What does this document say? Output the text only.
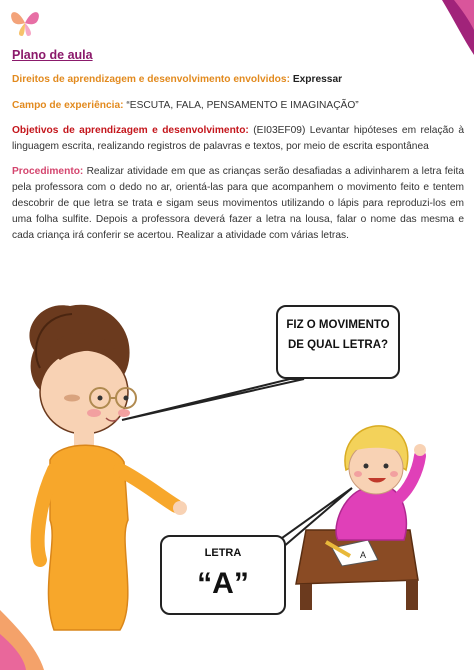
Plano de aula
Direitos de aprendizagem e desenvolvimento envolvidos: Expressar
Campo de experiência: “ESCUTA, FALA, PENSAMENTO E IMAGINAÇÃO”
Objetivos de aprendizagem e desenvolvimento: (EI03EF09) Levantar hipóteses em relação à linguagem escrita, realizando registros de palavras e textos, por meio de escrita espontânea
Procedimento: Realizar atividade em que as crianças serão desafiadas a adivinharem a letra feita pela professora com o dedo no ar, orientá-las para que acompanhem o movimento feito e tentem descobrir de que letra se trata e sigam seus movimentos utilizando o lápis para reproduzi-los em uma folha sulfite. Depois a professora deverá fazer a letra na lousa, falar o nome das mesma e cada criança irá conferir se acertou. Realizar a atividade com várias letras.
A
FIZ O MOVIMENTO DE QUAL LETRA?
LETRA
“A”
